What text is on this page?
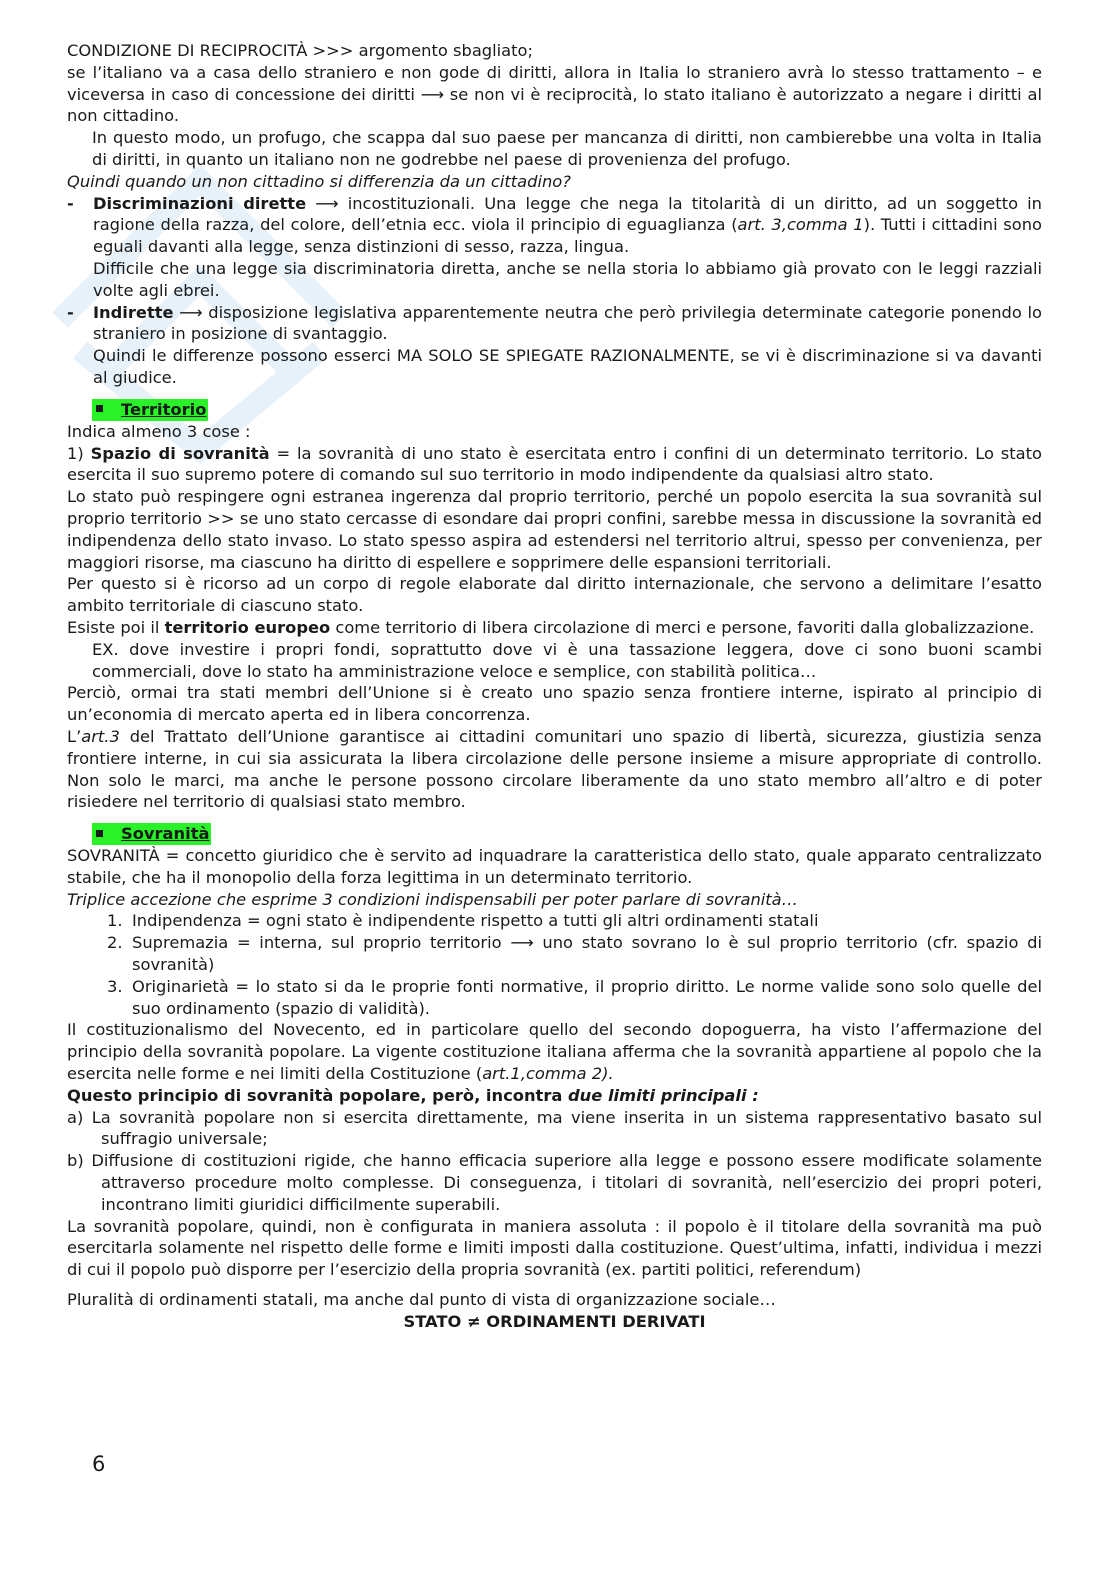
CONDIZIONE DI RECIPROCITÀ >>> argomento sbagliato;

se l’italiano va a casa dello straniero e non gode di diritti, allora in Italia lo straniero avrà lo stesso trattamento – e viceversa in caso di concessione dei diritti ⟶ se non vi è reciprocità, lo stato italiano è autorizzato a negare i diritti al non cittadino.

In questo modo, un profugo, che scappa dal suo paese per mancanza di diritti, non cambierebbe una volta in Italia di diritti, in quanto un italiano non ne godrebbe nel paese di provenienza del profugo.

Quindi quando un non cittadino si differenzia da un cittadino?

- Discriminazioni dirette ⟶ incostituzionali. Una legge che nega la titolarità di un diritto, ad un soggetto in ragione della razza, del colore, dell’etnia ecc. viola il principio di eguaglianza (art. 3,comma 1). Tutti i cittadini sono eguali davanti alla legge, senza distinzioni di sesso, razza, lingua.

Difficile che una legge sia discriminatoria diretta, anche se nella storia lo abbiamo già provato con le leggi razziali volte agli ebrei.

- Indirette ⟶ disposizione legislativa apparentemente neutra che però privilegia determinate categorie ponendo lo straniero in posizione di svantaggio.

Quindi le differenze possono esserci MA SOLO SE SPIEGATE RAZIONALMENTE, se vi è discriminazione si va davanti al giudice.

Territorio

Indica almeno 3 cose :

1) Spazio di sovranità = la sovranità di uno stato è esercitata entro i confini di un determinato territorio. Lo stato esercita il suo supremo potere di comando sul suo territorio in modo indipendente da qualsiasi altro stato.

Lo stato può respingere ogni estranea ingerenza dal proprio territorio, perché un popolo esercita la sua sovranità sul proprio territorio >> se uno stato cercasse di esondare dai propri confini, sarebbe messa in discussione la sovranità ed indipendenza dello stato invaso. Lo stato spesso aspira ad estendersi nel territorio altrui, spesso per convenienza, per maggiori risorse, ma ciascuno ha diritto di espellere e sopprimere delle espansioni territoriali.

Per questo si è ricorso ad un corpo di regole elaborate dal diritto internazionale, che servono a delimitare l’esatto ambito territoriale di ciascuno stato.

Esiste poi il territorio europeo come territorio di libera circolazione di merci e persone, favoriti dalla globalizzazione.

EX. dove investire i propri fondi, soprattutto dove vi è una tassazione leggera, dove ci sono buoni scambi commerciali, dove lo stato ha amministrazione veloce e semplice, con stabilità politica…

Perciò, ormai tra stati membri dell’Unione si è creato uno spazio senza frontiere interne, ispirato al principio di un’economia di mercato aperta ed in libera concorrenza.

L’art.3 del Trattato dell’Unione garantisce ai cittadini comunitari uno spazio di libertà, sicurezza, giustizia senza frontiere interne, in cui sia assicurata la libera circolazione delle persone insieme a misure appropriate di controllo. Non solo le marci, ma anche le persone possono circolare liberamente da uno stato membro all’altro e di poter risiedere nel territorio di qualsiasi stato membro.

Sovranità

SOVRANITÀ = concetto giuridico che è servito ad inquadrare la caratteristica dello stato, quale apparato centralizzato stabile, che ha il monopolio della forza legittima in un determinato territorio.

Triplice accezione che esprime 3 condizioni indispensabili per poter parlare di sovranità…

1. Indipendenza = ogni stato è indipendente rispetto a tutti gli altri ordinamenti statali

2. Supremazia = interna, sul proprio territorio ⟶ uno stato sovrano lo è sul proprio territorio (cfr. spazio di sovranità)

3. Originarietà = lo stato si da le proprie fonti normative, il proprio diritto. Le norme valide sono solo quelle del suo ordinamento (spazio di validità).

Il costituzionalismo del Novecento, ed in particolare quello del secondo dopoguerra, ha visto l’affermazione del principio della sovranità popolare. La vigente costituzione italiana afferma che la sovranità appartiene al popolo che la esercita nelle forme e nei limiti della Costituzione (art.1,comma 2).

Questo principio di sovranità popolare, però, incontra due limiti principali :

a) La sovranità popolare non si esercita direttamente, ma viene inserita in un sistema rappresentativo basato sul suffragio universale;

b) Diffusione di costituzioni rigide, che hanno efficacia superiore alla legge e possono essere modificate solamente attraverso procedure molto complesse. Di conseguenza, i titolari di sovranità, nell’esercizio dei propri poteri, incontrano limiti giuridici difficilmente superabili.

La sovranità popolare, quindi, non è configurata in maniera assoluta : il popolo è il titolare della sovranità ma può esercitarla solamente nel rispetto delle forme e limiti imposti dalla costituzione. Quest’ultima, infatti, individua i mezzi di cui il popolo può disporre per l’esercizio della propria sovranità (ex. partiti politici, referendum)

Pluralità di ordinamenti statali, ma anche dal punto di vista di organizzazione sociale…

STATO ≠ ORDINAMENTI DERIVATI

6
